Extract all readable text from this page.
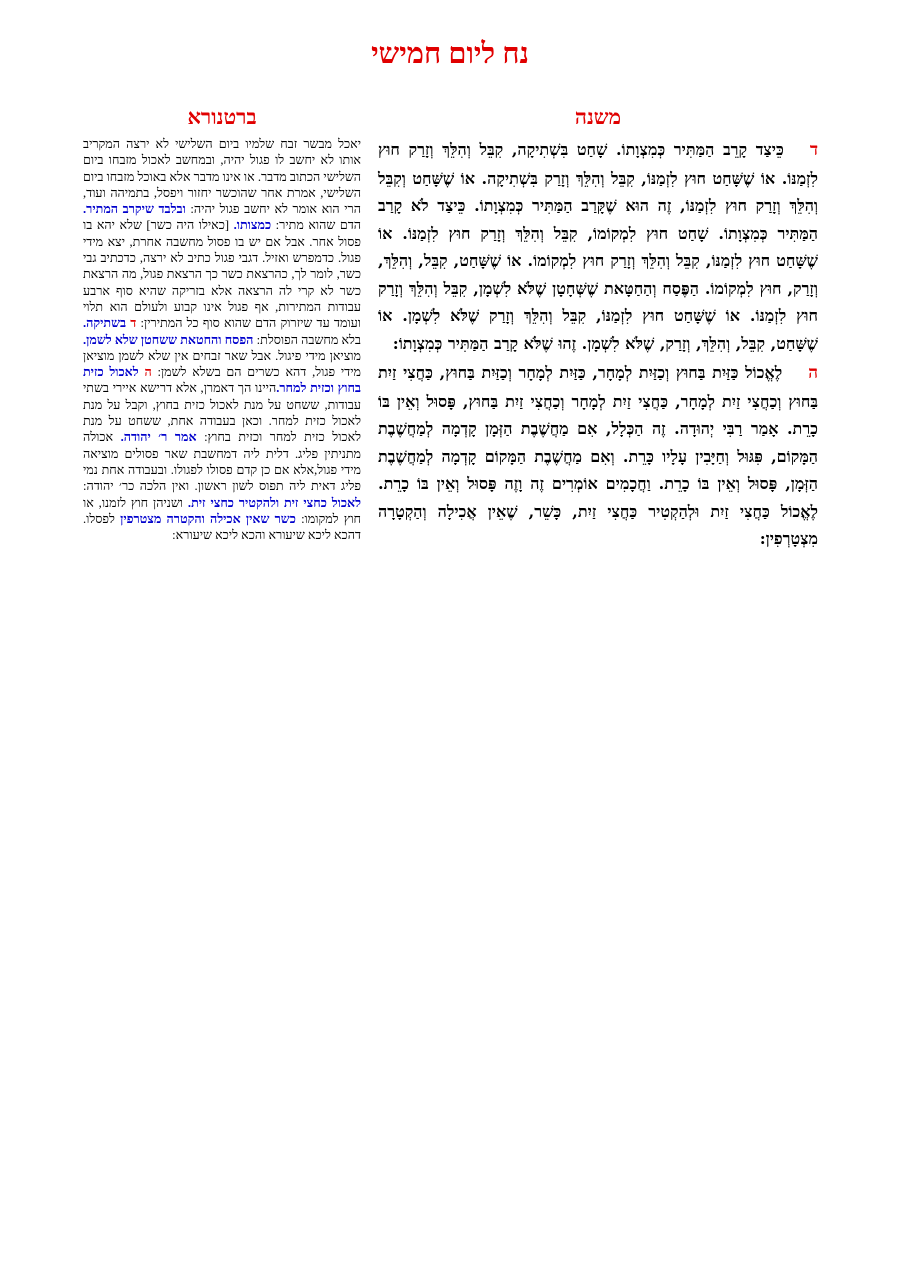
נח ליום חמישי
משנה
ברטנורא

דכֵּיצַד קָרֵב הַמַּתִּיר כְּמִצְוָתוֹ. שָׁחַט בִּשְׁתִיקָה, קִבֵּל וְהִלֵּךְ וְזָרַק חוּץ לִזְמַנּוֹ. אוֹ שֶׁשָּׁחַט חוּץ לִזְמַנּוֹ, קִבֵּל וְהִלֵּךְ וְזָרַק בִּשְׁתִיקָה. אוֹ שֶׁשָּׁחַט וְקִבֵּל וְהִלֵּךְ וְזָרַק חוּץ לִזְמַנּוֹ, זֶה הוּא שֶׁקָּרַב הַמַּתִּיר כְּמִצְוָתוֹ. כֵּיצַד לֹא קָרַב הַמַּתִּיר כְּמִצְוָתוֹ. שָׁחַט חוּץ לִמְקוֹמוֹ, קִבֵּל וְהִלֵּךְ וְזָרַק חוּץ לִזְמַנּוֹ. אוֹ שֶׁשָּׁחַט חוּץ לִזְמַנּוֹ, קִבֵּל וְהִלֵּךְ וְזָרַק חוּץ לִמְקוֹמוֹ. אוֹ שֶׁשָּׁחַט, קִבֵּל, וְהִלֵּךְ, וְזָרַק, חוּץ לִמְקוֹמוֹ. הַפֶּסַח וְהַחַטָּאת שֶׁשְּׁחָטָן שֶׁלֹּא לִשְׁמָן, קִבֵּל וְהִלֵּךְ וְזָרַק חוּץ לִזְמַנּוֹ. אוֹ שֶׁשָּׁחַט חוּץ לִזְמַנּוֹ, קִבֵּל וְהִלֵּךְ וְזָרַק שֶׁלֹּא לִשְׁמָן. אוֹ שֶׁשָּׁחַט, קִבֵּל, וְהִלֵּךְ, וְזָרַק, שֶׁלֹּא לִשְׁמָן. זֶהוּ שֶׁלֹּא קָרַב הַמַּתִּיר כְּמִצְוָתוֹ:

הלֶאֱכוֹל כַּזַּיִת בַּחוּץ וְכַזַּיִת לְמָחָר, כַּזַּיִת לְמָחָר וְכַזַּיִת בַּחוּץ, כַּחֲצִי זַיִת בַּחוּץ וְכַחֲצִי זַיִת לְמָחָר, כַּחֲצִי זַיִת לְמָחָר וְכַחֲצִי זַיִת בַּחוּץ, פָּסוּל וְאֵין בּוֹ כָרֵת. אָמַר רַבִּי יְהוּדָה. זֶה הַכְּלָל, אִם מַחֲשֶׁבֶת הַזְּמָן קָדְמָה לְמַחֲשֶׁבֶת הַמָּקוֹם, פִּגּוּל וְחַיָּבִין עָלָיו כָּרֵת. וְאִם מַחֲשֶׁבֶת הַמָּקוֹם קָדְמָה לְמַחֲשֶׁבֶת הַזְּמָן, פָּסוּל וְאֵין בּוֹ כָרֵת. וַחֲכָמִים אוֹמְרִים זֶה וָזֶה פָּסוּל וְאֵין בּוֹ כָרֵת. לֶאֱכוֹל כַּחֲצִי זַיִת וּלְהַקְטִיר כַּחֲצִי זַיִת, כָּשֵׁר, שֶׁאֵין אֲכִילָה וְהַקְטָרָה מִצְטָרְפִין:

יאכל מבשר זבח שלמיו ביום השלישי לא ירצה המקריב אותו לא יחשב לו פגול יהיה, ובמחשב לאכול מזבחו ביום השלישי הכתוב מדבר. או אינו מדבר אלא באוכל מזבחו ביום השלישי, אמרת אחר שהוכשר יחזור ויפסל, בתמיהה ועוד, הרי הוא אומר לא יחשב פגול יהיה: ובלבד שיקרב המתיר. הדם שהוא מתיר: כמצותו. [כאילו היה כשר] שלא יהא בו פסול אחר. אבל אם יש בו פסול מחשבה אחרת, יצא מידי פגול. כדמפרש ואזיל. דגבי פגול כתיב לא ירצה, כדכתיב גבי כשר, לומר לך, כהרצאת כשר כך הרצאת פגול, מה הרצאת כשר לא קרי לה הרצאה אלא בזריקה שהיא סוף ארבע עבודות המתירות, אף פגול אינו קבוע ולעולם הוא תלוי ועומד עד שיזרוק הדם שהוא סוף כל המתירין: ד בשתיקה. בלא מחשבה הפוסלת: הפסח והחטאת ששחטן שלא לשמן. מוציאן מידי פיגול. אבל שאר זבחים אין שלא לשמן מוציאן מידי פגול, דהא כשרים הם בשלא לשמן: ה לאכול כזית בחוץ וכזית למחר.היינו הך דאמרן, אלא דרישא איירי בשתי עבודות, ששחט על מנת לאכול כזית בחוץ, וקבל על מנת לאכול כזית למחר. וכאן בעבודה אחת, ששחט על מנת לאכול כזית למחר וכזית בחוץ: אמר ר׳ יהודה. אכולה מתניתין פליג. דלית ליה דמחשבת שאר פסולים מוציאה מידי פגול,אלא אם כן קדם פסולו לפגולו. ובעבודה אחת נמי פליג דאית ליה תפוס לשון ראשון. ואין הלכה כר׳ יהודה: לאכול כחצי זית ולהקטיר כחצי זית. ושניהן חוץ לזמנו, או חוץ למקומו: כשר שאין אכילה והקטרה מצטרפין לפסלו. דהכא ליכא שיעורא והכא ליכא שיעורא:
